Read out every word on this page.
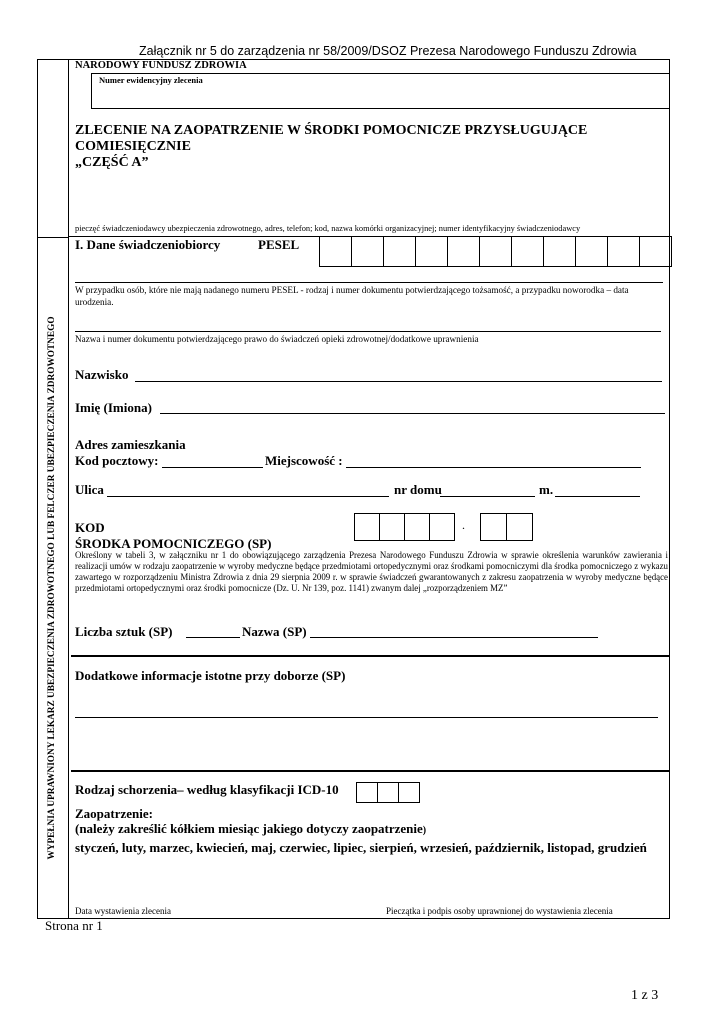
Załącznik nr 5 do zarządzenia nr 58/2009/DSOZ Prezesa Narodowego Funduszu Zdrowia
WYPEŁNIA UPRAWNIONY LEKARZ UBEZPIECZENIA ZDROWOTNEGO LUB FELCZER UBEZPIECZENIA ZDROWOTNEGO
NARODOWY FUNDUSZ ZDROWIA
Numer ewidencyjny zlecenia
ZLECENIE NA ZAOPATRZENIE W ŚRODKI POMOCNICZE PRZYSŁUGUJĄCE
COMIESIĘCZNIE
„CZĘŚĆ A”
pieczęć świadczeniodawcy ubezpieczenia zdrowotnego, adres, telefon; kod, nazwa komórki organizacyjnej; numer identyfikacyjny świadczeniodawcy
I. Dane świadczeniobiorcy	PESEL
W przypadku osób, które nie mają nadanego numeru PESEL - rodzaj i numer dokumentu potwierdzającego tożsamość, a przypadku noworodka – data urodzenia.
Nazwa i numer dokumentu potwierdzającego prawo do świadczeń opieki zdrowotnej/dodatkowe uprawnienia
Nazwisko
Imię (Imiona)
Adres zamieszkania
Kod pocztowy:	Miejscowość :
Ulica	nr domu	m.
KOD
ŚRODKA POMOCNICZEGO (SP)
.
Określony w tabeli 3, w załączniku nr 1 do obowiązującego zarządzenia Prezesa Narodowego Funduszu Zdrowia w sprawie określenia warunków zawierania i realizacji umów w rodzaju zaopatrzenie w wyroby medyczne będące przedmiotami ortopedycznymi oraz środkami pomocniczymi dla środka pomocniczego z wykazu zawartego w rozporządzeniu Ministra Zdrowia z dnia 29 sierpnia 2009 r. w sprawie świadczeń gwarantowanych z zakresu zaopatrzenia w wyroby medyczne będące przedmiotami ortopedycznymi oraz środki pomocnicze (Dz. U. Nr 139, poz. 1141) zwanym dalej „rozporządzeniem MZ”
Liczba sztuk (SP)	Nazwa (SP)
Dodatkowe informacje istotne przy doborze (SP)
Rodzaj schorzenia– według klasyfikacji ICD-10
Zaopatrzenie:
(należy zakreślić kółkiem miesiąc jakiego dotyczy zaopatrzenie)
styczeń, luty, marzec, kwiecień, maj, czerwiec, lipiec, sierpień, wrzesień, październik, listopad, grudzień
Data wystawienia zlecenia	Pieczątka i podpis osoby uprawnionej do wystawienia zlecenia
Strona nr 1
1 z 3
